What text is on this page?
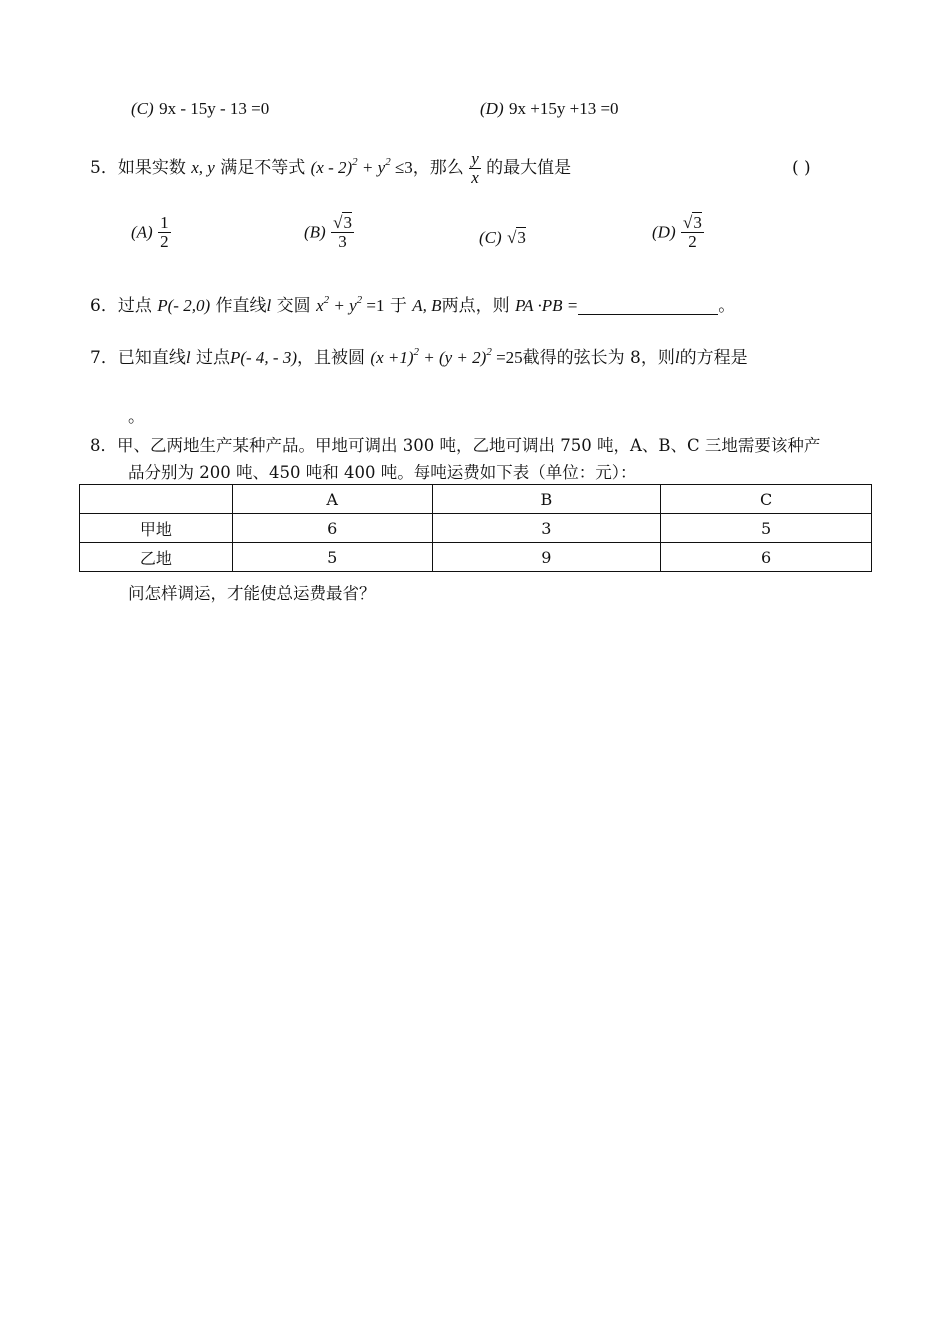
(C) 9x - 15y - 13 =0	(D) 9x +15y +13 =0
5．如果实数 x, y 满足不等式 $(x - 2)^2 + y^2 \le 3$，那么 $\frac{y}{x}$ 的最大值是	( )
$(A) \frac{1}{2}$	$(B) \frac{√3}{3}$	(C) √3	$(D) \frac{√3}{2}$
6．过点 P(- 2,0) 作直线l 交圆 $x^2 + y^2 =1$ 于 A, B两点，则 PA ·PB =	。
7．已知直线l 过点P(- 4, - 3)，且被圆 $(x +1)^2 + (y + 2)^2 =25$截得的弦长为 8，则l的方程是
。
8．甲、乙两地生产某种产品。甲地可调出 300 吨，乙地可调出 750 吨，A、B、C 三地需要该种产
品分别为 200 吨、450 吨和 400 吨。每吨运费如下表（单位：元）：
	A	B	C
甲地	6	3	5
乙地	5	9	6
问怎样调运，才能使总运费最省？
